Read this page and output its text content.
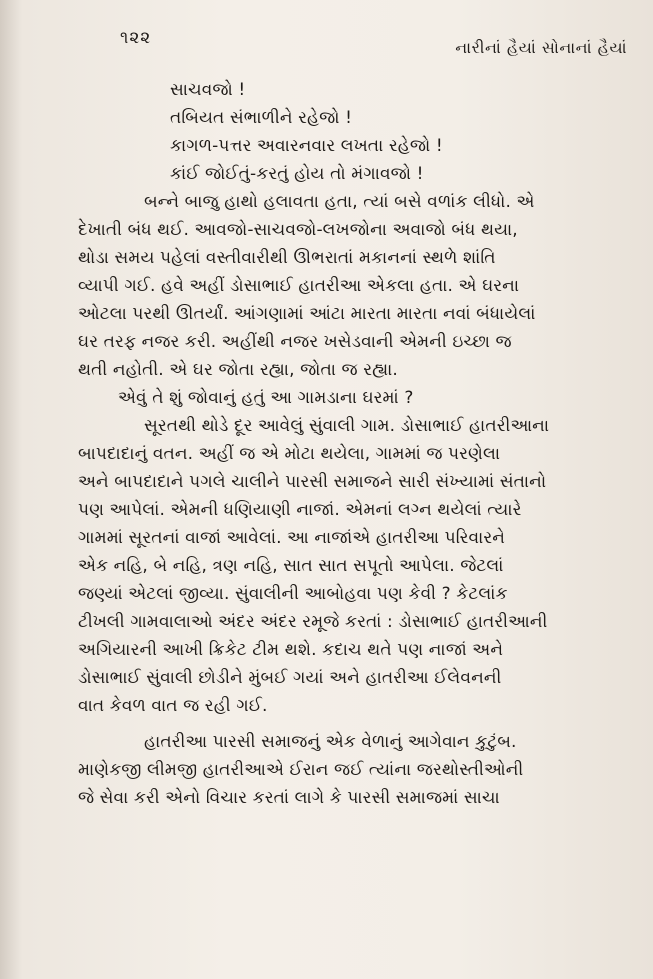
૧૨૨	નારીનાં હૈયાં સોનાનાં હૈયાં
સાચવજો !
તબિયત સંભાળીને રહેજો !
કાગળ-પત્તર અવારનવાર લખતા રહેજો !
કાંઈ જોઈતું-કરતું હોય તો મંગાવજો !
બન્ને બાજુ હાથો હલાવતા હતા, ત્યાં બસે વળાંક લીધો. એ
દેખાતી બંધ થઈ. આવજો-સાચવજો-લખજોના અવાજો બંધ થયા,
થોડા સમય પહેલાં વસ્તીવારીથી ઊભરાતાં મકાનનાં સ્થળે શાંતિ
વ્યાપી ગઈ. હવે અહીં ડોસાભાઈ હાતરીઆ એકલા હતા. એ ઘરના
ઓટલા પરથી ઊતર્યાં. આંગણામાં આંટા મારતા મારતા નવાં બંધાયેલાં
ઘર તરફ નજર કરી. અહીંથી નજર ખસેડવાની એમની ઇચ્છા જ
થતી નહોતી. એ ઘર જોતા રહ્યા, જોતા જ રહ્યા.
એવું તે શું જોવાનું હતું આ ગામડાના ઘરમાં ?
સૂરતથી થોડે દૂર આવેલું સુંવાલી ગામ. ડોસાભાઈ હાતરીઆના
બાપદાદાનું વતન. અહીં જ એ મોટા થયેલા, ગામમાં જ પરણેલા
અને બાપદાદાને પગલે ચાલીને પારસી સમાજને સારી સંખ્યામાં સંતાનો
પણ આપેલાં. એમની ધણિયાણી નાજાં. એમનાં લગ્ન થયેલાં ત્યારે
ગામમાં સૂરતનાં વાજાં આવેલાં. આ નાજાંએ હાતરીઆ પરિવારને
એક નહિ, બે નહિ, ત્રણ નહિ, સાત સાત સપૂતો આપેલા. જેટલાં
જણ્યાં એટલાં જીવ્યા. સુંવાલીની આબોહવા પણ કેવી ? કેટલાંક
ટીખલી ગામવાલાઓ અંદર અંદર રમૂજે કરતાં : ડોસાભાઈ હાતરીઆની
અગિયારની આખી ક્રિકેટ ટીમ થશે. કદાચ થતે પણ નાજાં અને
ડોસાભાઈ સુંવાલી છોડીને મુંબઈ ગયાં અને હાતરીઆ ઈલેવનની
વાત કેવળ વાત જ રહી ગઈ.
હાતરીઆ પારસી સમાજનું એક વેળાનું આગેવાન કુટુંબ.
માણેકજી લીમજી હાતરીઆએ ઈરાન જઈ ત્યાંના જરથોસ્તીઓની
જે સેવા કરી એનો વિચાર કરતાં લાગે કે પારસી સમાજમાં સાચા
